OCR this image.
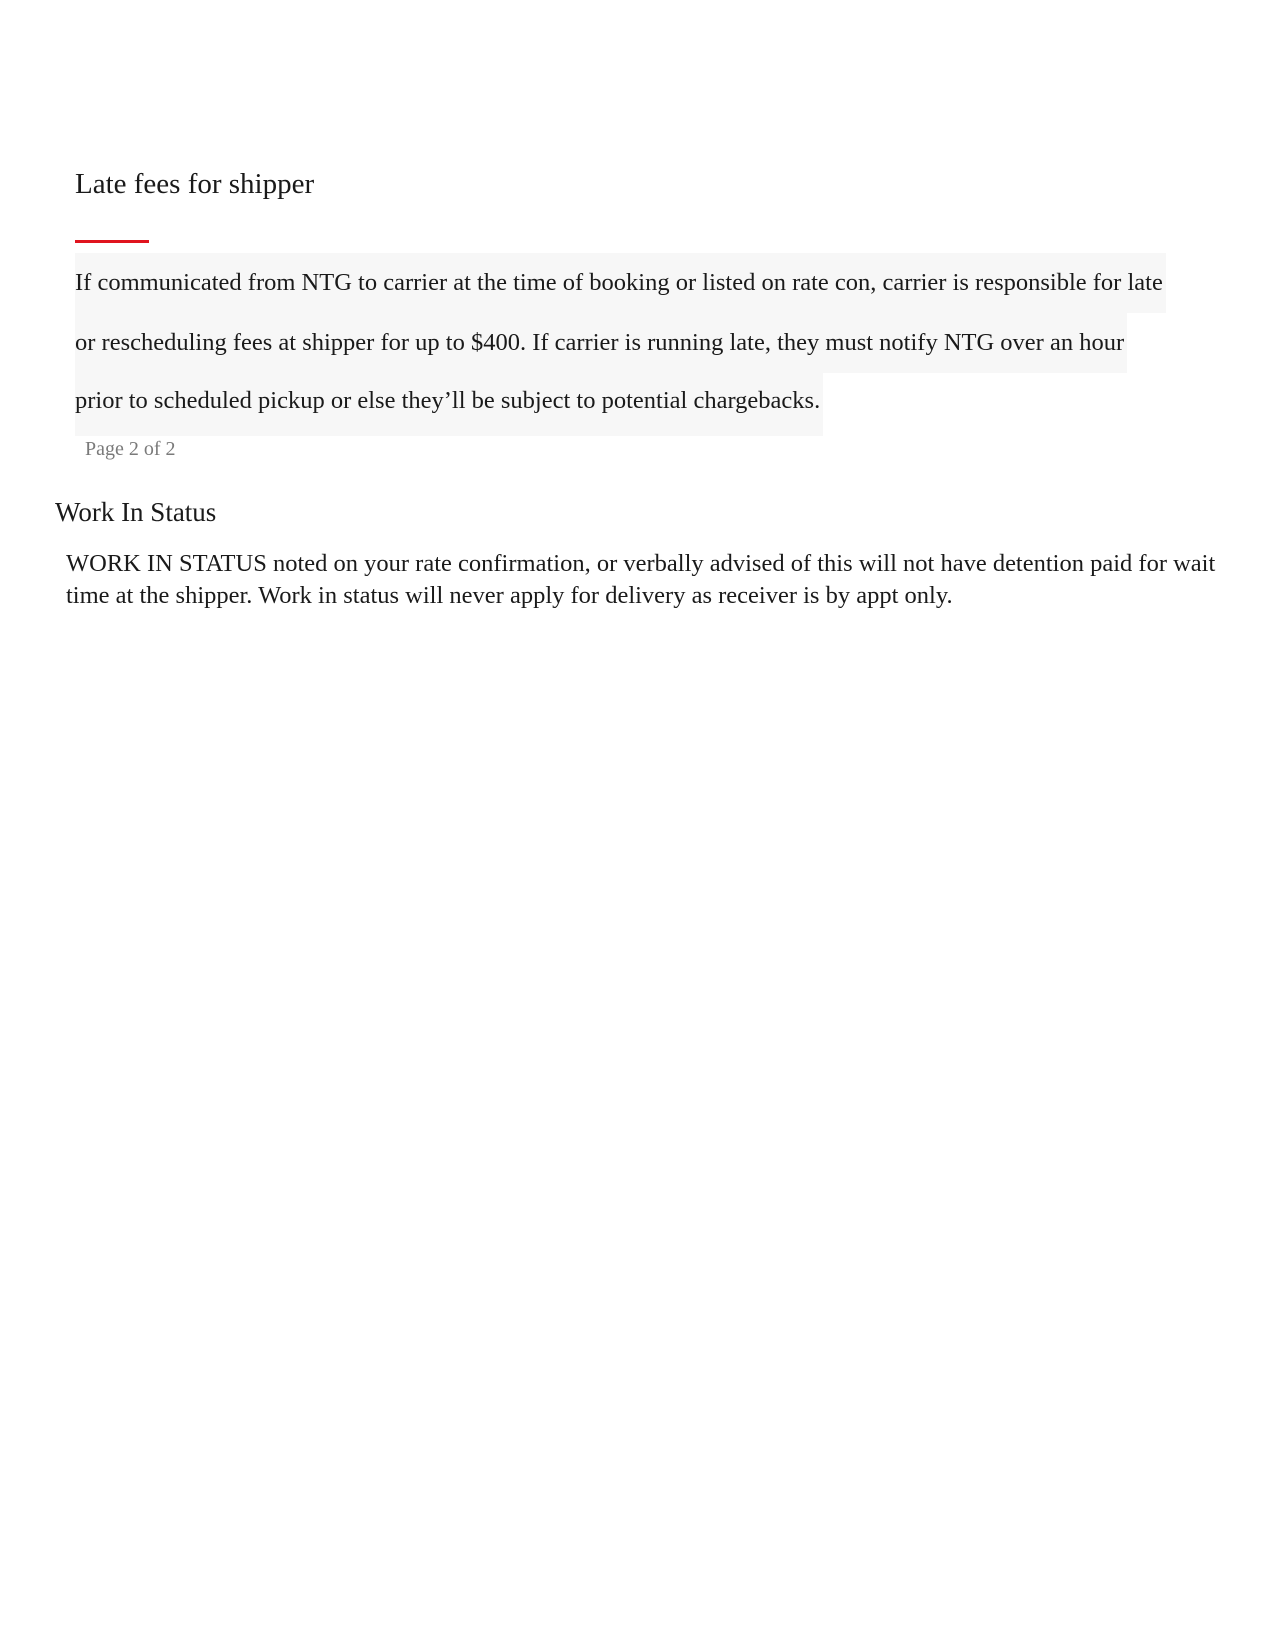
Late fees for shipper
If communicated from NTG to carrier at the time of booking or listed on rate con, carrier is responsible for late
or rescheduling fees at shipper for up to $400. If carrier is running late, they must notify NTG over an hour
prior to scheduled pickup or else they’ll be subject to potential chargebacks.
Page 2 of 2
Work In Status

WORK IN STATUS noted on your rate confirmation, or verbally advised of this will not have detention paid for wait time at the shipper. Work in status will never apply for delivery as receiver is by appt only.
